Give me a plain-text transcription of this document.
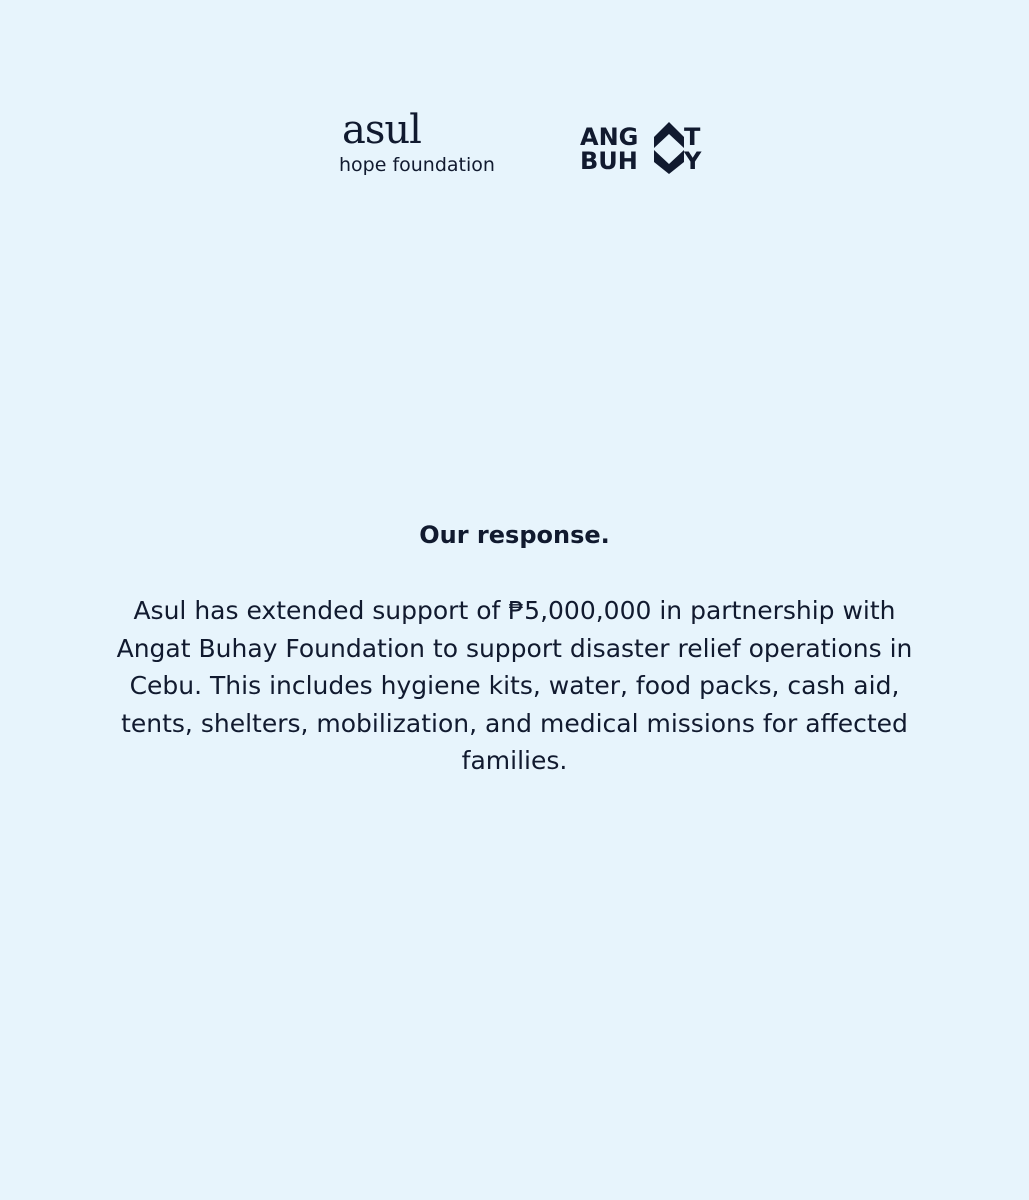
asul
hope foundation
ANG
BUH
T
Y
Our response.
Asul has extended support of ₱5,000,000 in partnership with Angat Buhay Foundation to support disaster relief operations in Cebu. This includes hygiene kits, water, food packs, cash aid, tents, shelters, mobilization, and medical missions for affected families.
